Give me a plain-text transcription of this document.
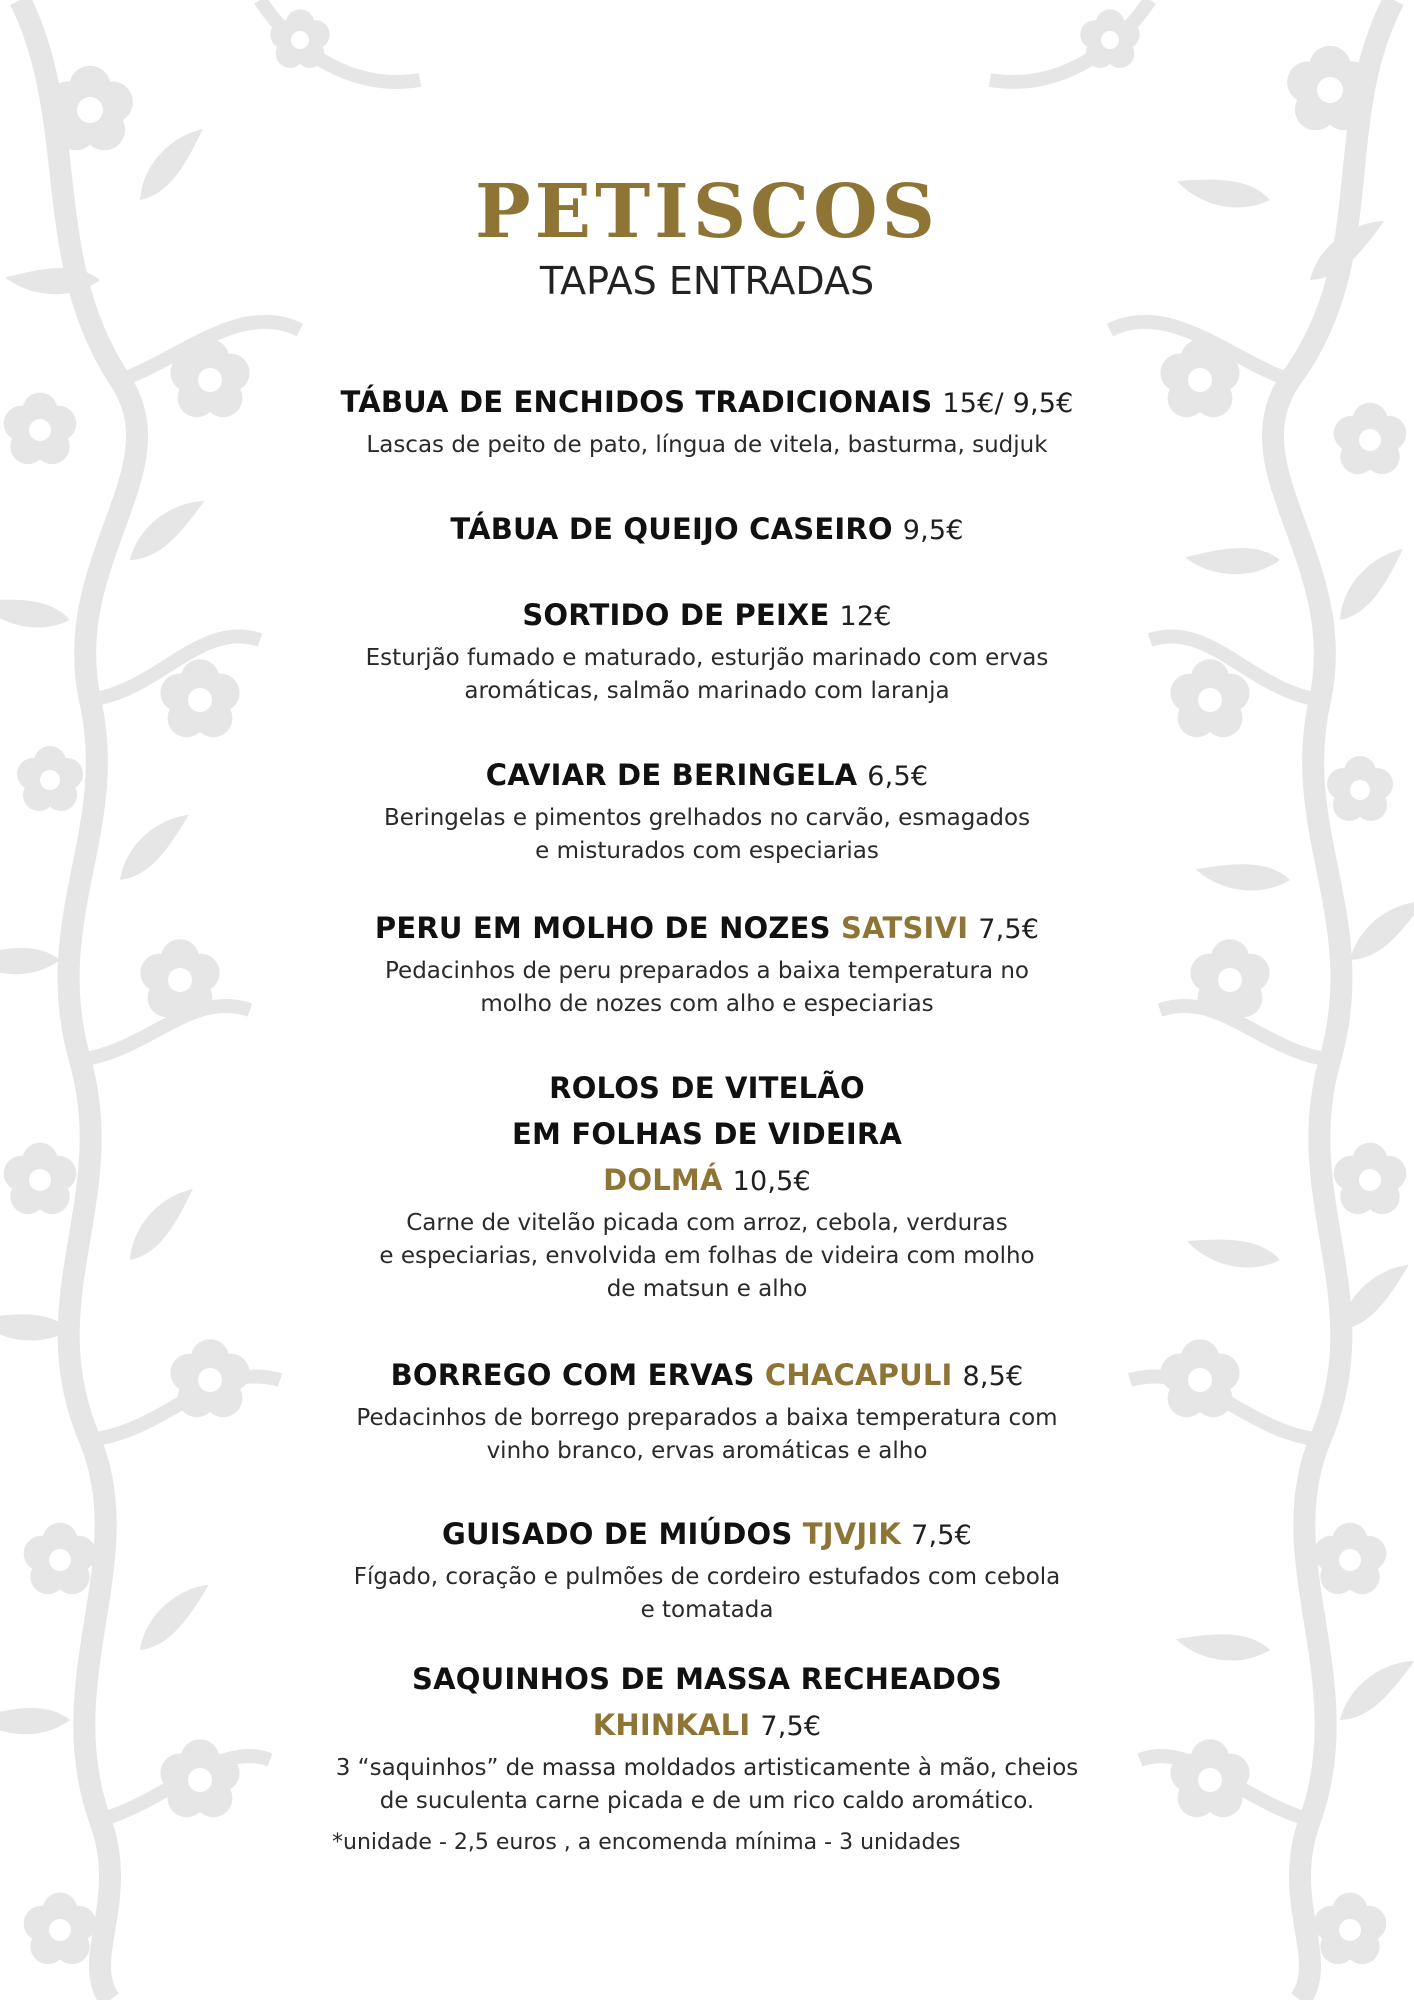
PETISCOS
TAPAS ENTRADAS
TÁBUA DE ENCHIDOS TRADICIONAIS 15€/ 9,5€
Lascas de peito de pato, língua de vitela, basturma, sudjuk
TÁBUA DE QUEIJO CASEIRO 9,5€
SORTIDO DE PEIXE 12€
Esturjão fumado e maturado, esturjão marinado com ervas
aromáticas, salmão marinado com laranja
CAVIAR DE BERINGELA 6,5€
Beringelas e pimentos grelhados no carvão, esmagados
e misturados com especiarias
PERU EM MOLHO DE NOZES SATSIVI 7,5€
Pedacinhos de peru preparados a baixa temperatura no
molho de nozes com alho e especiarias
ROLOS DE VITELÃO
EM FOLHAS DE VIDEIRA
DOLMÁ 10,5€
Carne de vitelão picada com arroz, cebola, verduras
e especiarias, envolvida em folhas de videira com molho
de matsun e alho
BORREGO COM ERVAS CHACAPULI 8,5€
Pedacinhos de borrego preparados a baixa temperatura com
vinho branco, ervas aromáticas e alho
GUISADO DE MIÚDOS TJVJIK 7,5€
Fígado, coração e pulmões de cordeiro estufados com cebola
e tomatada
SAQUINHOS DE MASSA RECHEADOS
KHINKALI 7,5€
3 “saquinhos” de massa moldados artisticamente à mão, cheios
de suculenta carne picada e de um rico caldo aromático.
*unidade - 2,5 euros , a encomenda mínima - 3 unidades
